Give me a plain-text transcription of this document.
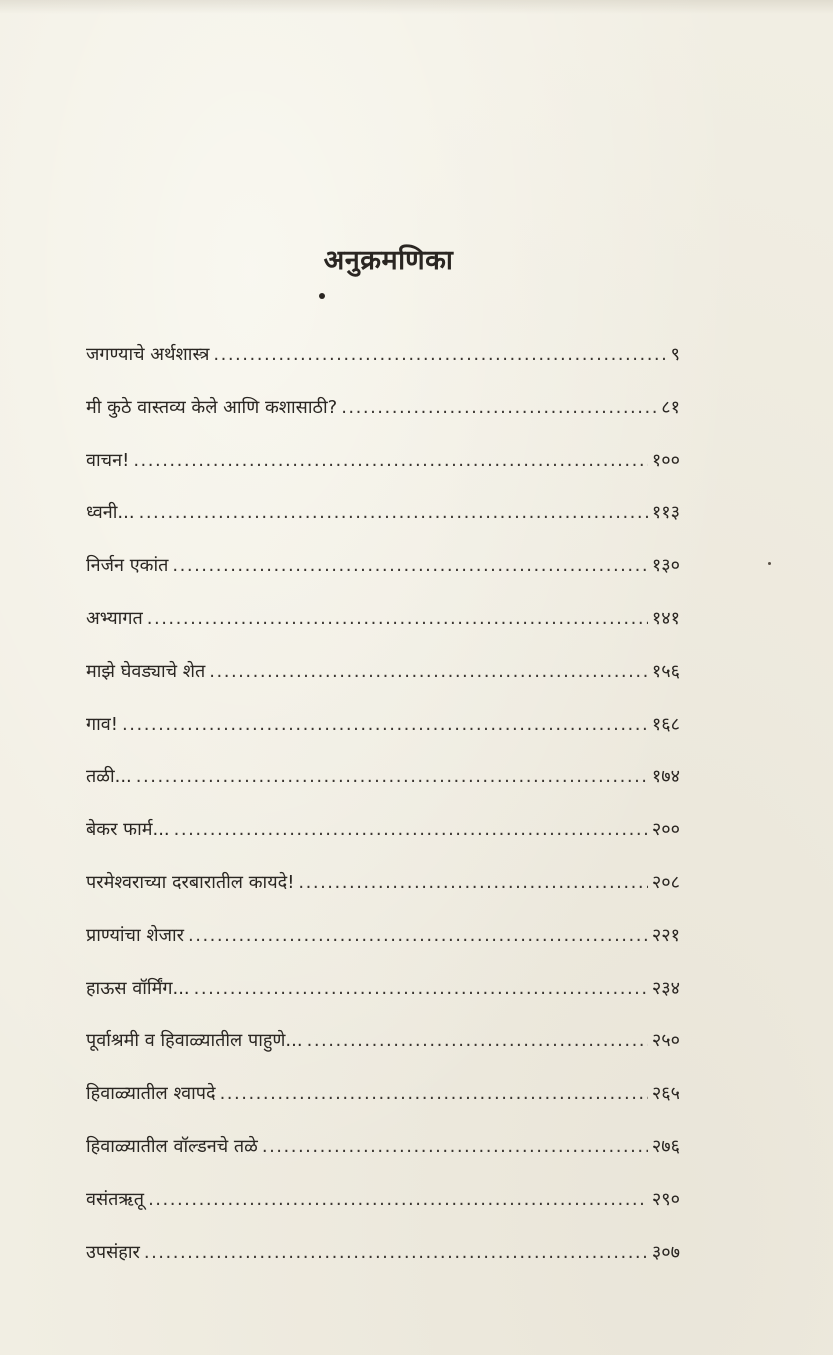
अनुक्रमणिका
जगण्याचे अर्थशास्त्र .....	९
मी कुठे वास्तव्य केले आणि कशासाठी? .....	८१
वाचन! .....	१००
ध्वनी... .....	११३
निर्जन एकांत .....	१३०
अभ्यागत .....	१४१
माझे घेवड्याचे शेत .....	१५६
गाव! .....	१६८
तळी... .....	१७४
बेकर फार्म... .....	२००
परमेश्वराच्या दरबारातील कायदे! .....	२०८
प्राण्यांचा शेजार .....	२२१
हाऊस वॉर्मिंग... .....	२३४
पूर्वाश्रमी व हिवाळ्यातील पाहुणे... .....	२५०
हिवाळ्यातील श्वापदे .....	२६५
हिवाळ्यातील वॉल्डनचे तळे .....	२७६
वसंतऋतू .....	२९०
उपसंहार .....	३०७
